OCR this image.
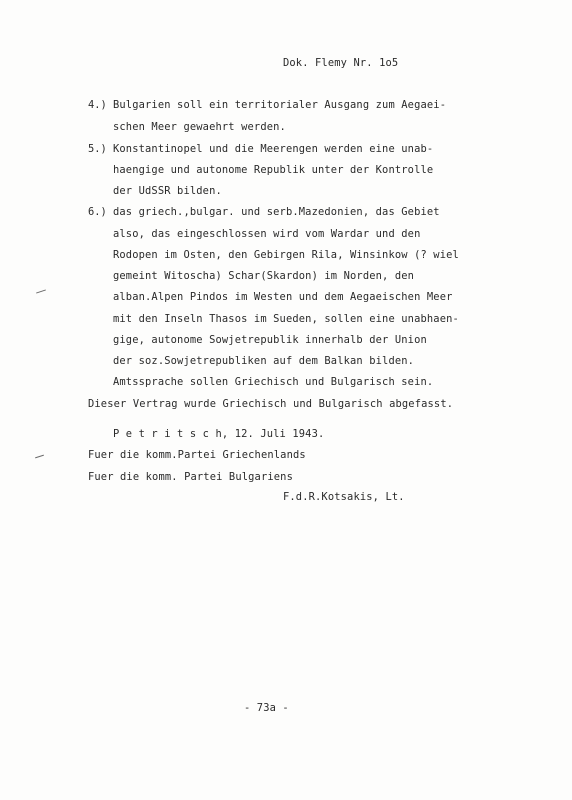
Dok. Flemy Nr. 1o5
4.) Bulgarien soll ein territorialer Ausgang zum Aegaei-
schen Meer gewaehrt werden.
5.) Konstantinopel und die Meerengen werden eine unab-
haengige und autonome Republik unter der Kontrolle
der UdSSR bilden.
6.) das griech.,bulgar. und serb.Mazedonien, das Gebiet
also, das eingeschlossen wird vom Wardar und den
Rodopen im Osten, den Gebirgen Rila, Winsinkow (? wiel
gemeint Witoscha) Schar(Skardon) im Norden, den
alban.Alpen Pindos im Westen und dem Aegaeischen Meer
mit den Inseln Thasos im Sueden, sollen eine unabhaen-
gige, autonome Sowjetrepublik innerhalb der Union
der soz.Sowjetrepubliken auf dem Balkan bilden.
Amtssprache sollen Griechisch und Bulgarisch sein.
Dieser Vertrag wurde Griechisch und Bulgarisch abgefasst.
P e t r i t s c h, 12. Juli 1943.
Fuer die komm.Partei Griechenlands
Fuer die komm. Partei Bulgariens
F.d.R.Kotsakis, Lt.
- 73a -
